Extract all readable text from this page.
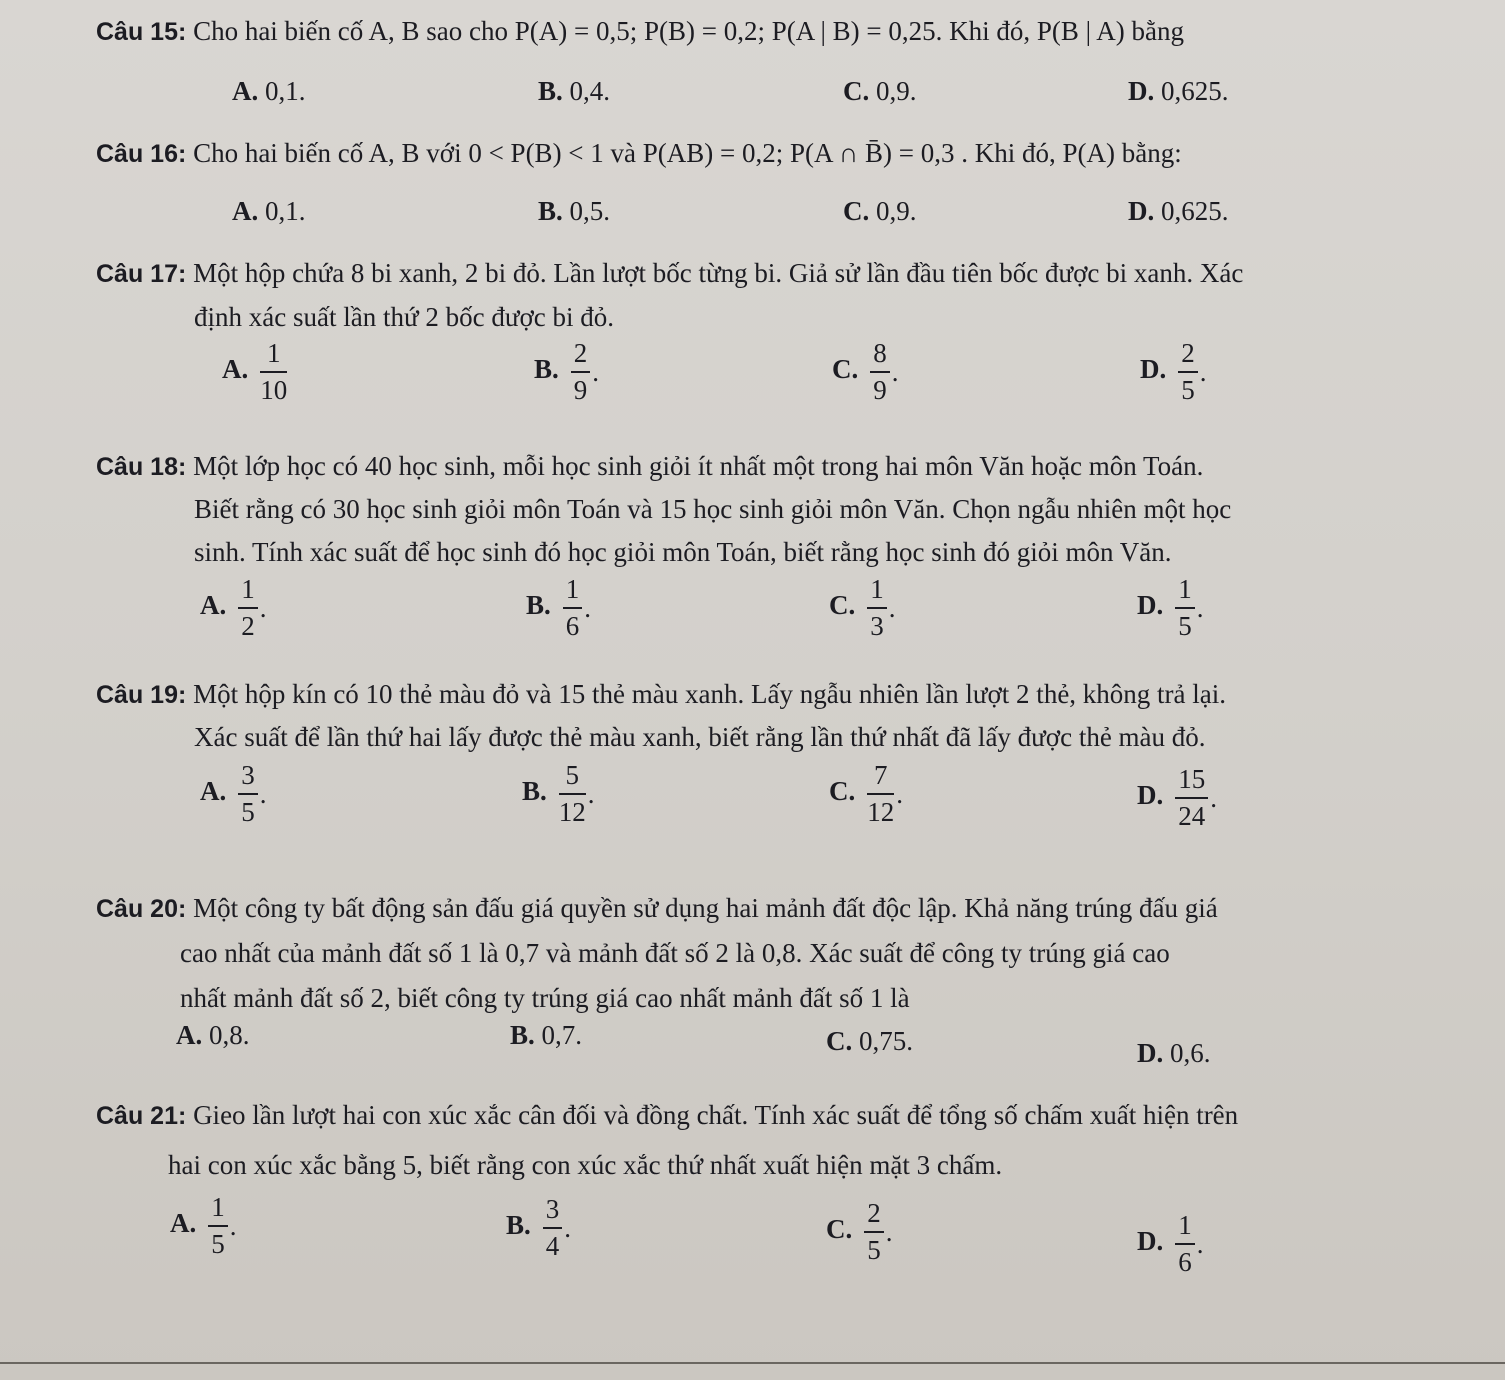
Câu 15: Cho hai biến cố A, B sao cho P(A) = 0,5; P(B) = 0,2; P(A | B) = 0,25. Khi đó, P(B | A) bằng
A. 0,1.	B. 0,4.	C. 0,9.	D. 0,625.
Câu 16: Cho hai biến cố A, B với 0 < P(B) < 1 và P(AB) = 0,2; P(A ∩ B̄) = 0,3 . Khi đó, P(A) bằng:
A. 0,1.	B. 0,5.	C. 0,9.	D. 0,625.
Câu 17: Một hộp chứa 8 bi xanh, 2 bi đỏ. Lần lượt bốc từng bi. Giả sử lần đầu tiên bốc được bi xanh. Xác
định xác suất lần thứ 2 bốc được bi đỏ.
A. $\frac{1}{10}$	B. $\frac{2}{9}$ .	C. $\frac{8}{9}$ .	D. $\frac{2}{5}$ .
Câu 18: Một lớp học có 40 học sinh, mỗi học sinh giỏi ít nhất một trong hai môn Văn hoặc môn Toán.
Biết rằng có 30 học sinh giỏi môn Toán và 15 học sinh giỏi môn Văn. Chọn ngẫu nhiên một học
sinh. Tính xác suất để học sinh đó học giỏi môn Toán, biết rằng học sinh đó giỏi môn Văn.
A. $\frac{1}{2}$ .	B. $\frac{1}{6}$ .	C. $\frac{1}{3}$ .	D. $\frac{1}{5}$ .
Câu 19: Một hộp kín có 10 thẻ màu đỏ và 15 thẻ màu xanh. Lấy ngẫu nhiên lần lượt 2 thẻ, không trả lại.
Xác suất để lần thứ hai lấy được thẻ màu xanh, biết rằng lần thứ nhất đã lấy được thẻ màu đỏ.
A. $\frac{3}{5}$ .	B. $\frac{5}{12}$ .	C. $\frac{7}{12}$ .	D. $\frac{15}{24}$ .
Câu 20: Một công ty bất động sản đấu giá quyền sử dụng hai mảnh đất độc lập. Khả năng trúng đấu giá
cao nhất của mảnh đất số 1 là 0,7 và mảnh đất số 2 là 0,8. Xác suất để công ty trúng giá cao
nhất mảnh đất số 2, biết công ty trúng giá cao nhất mảnh đất số 1 là
A. 0,8.	B. 0,7.	C. 0,75.	D. 0,6.
Câu 21: Gieo lần lượt hai con xúc xắc cân đối và đồng chất. Tính xác suất để tổng số chấm xuất hiện trên
hai con xúc xắc bằng 5, biết rằng con xúc xắc thứ nhất xuất hiện mặt 3 chấm.
A. $\frac{1}{5}$ .	B. $\frac{3}{4}$ .	C. $\frac{2}{5}$ .	D. $\frac{1}{6}$ .
